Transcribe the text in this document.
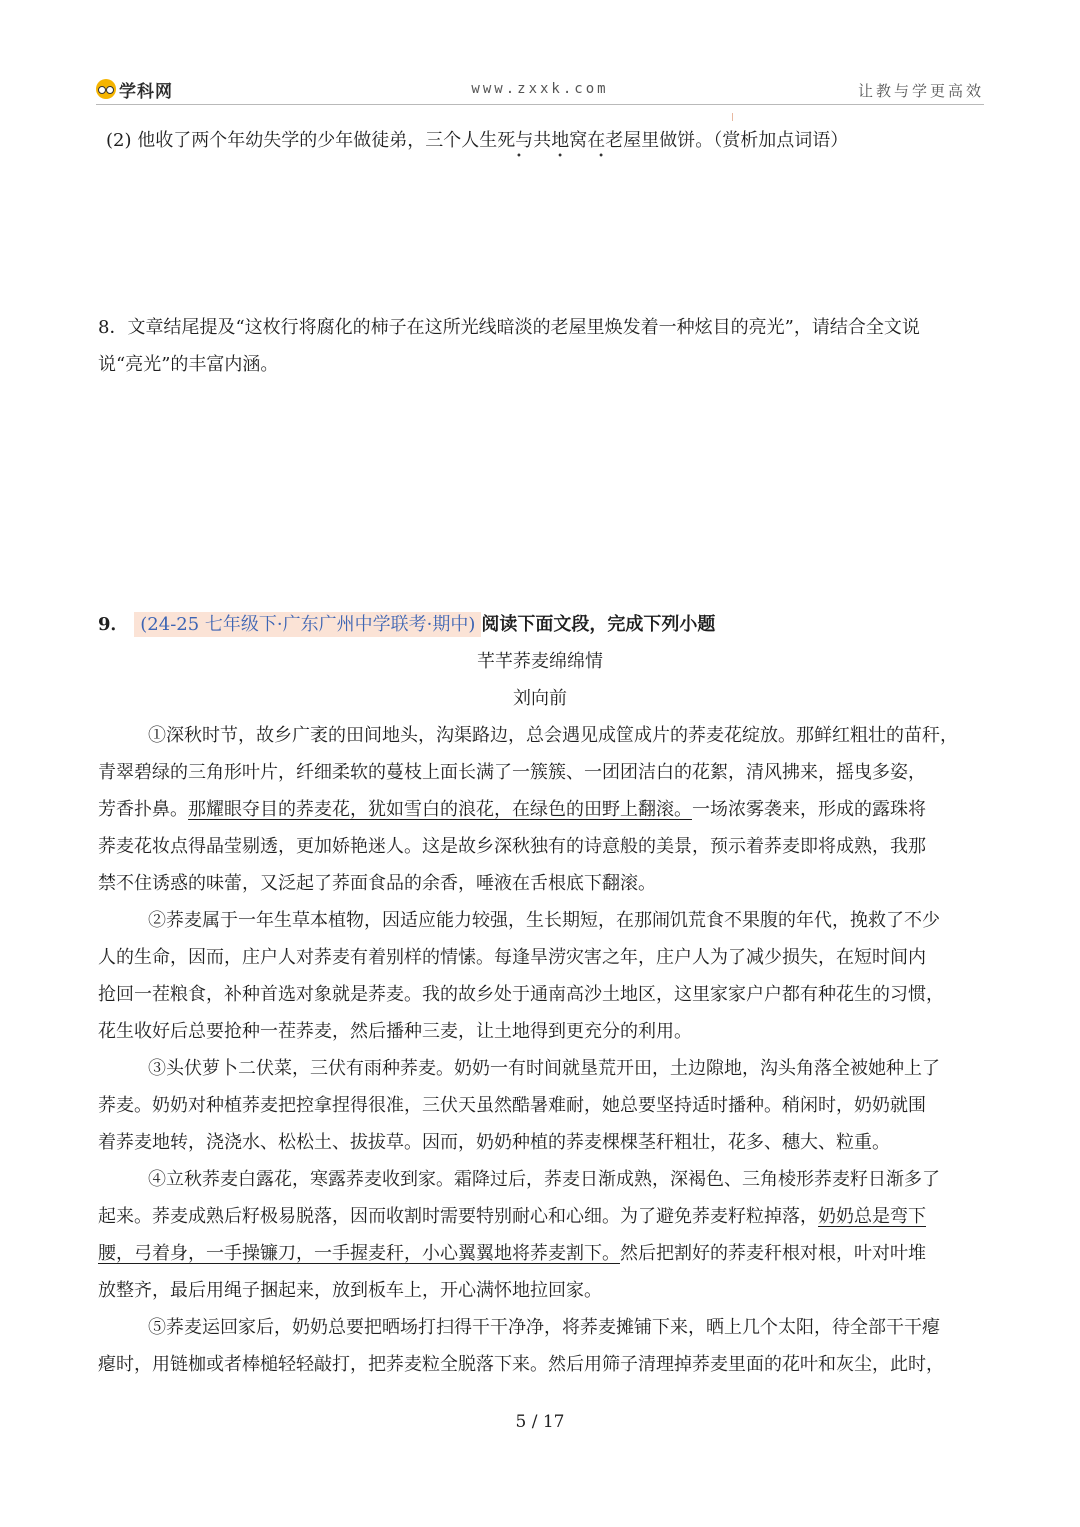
学科网	www.zxxk.com	让教与学更高效
(2) 他收了两个年幼失学的少年做徒弟，三个人生死与共地窝在老屋里做饼。（赏析加点词语）
• • •
8．文章结尾提及“这枚行将腐化的柿子在这所光线暗淡的老屋里焕发着一种炫目的亮光”，请结合全文说
说“亮光”的丰富内涵。
9． (24-25 七年级下·广东广州中学联考·期中) 阅读下面文段，完成下列小题
芊芊荞麦绵绵情
刘向前
①深秋时节，故乡广袤的田间地头，沟渠路边，总会遇见成筐成片的荞麦花绽放。那鲜红粗壮的苗秆，
青翠碧绿的三角形叶片，纤细柔软的蔓枝上面长满了一簇簇、一团团洁白的花絮，清风拂来，摇曳多姿，
芳香扑鼻。那耀眼夺目的荞麦花，犹如雪白的浪花，在绿色的田野上翻滚。一场浓雾袭来，形成的露珠将
荞麦花妆点得晶莹剔透，更加娇艳迷人。这是故乡深秋独有的诗意般的美景，预示着荞麦即将成熟，我那
禁不住诱惑的味蕾，又泛起了荞面食品的余香，唾液在舌根底下翻滚。
②荞麦属于一年生草本植物，因适应能力较强，生长期短，在那闹饥荒食不果腹的年代，挽救了不少
人的生命，因而，庄户人对荞麦有着别样的情愫。每逢旱涝灾害之年，庄户人为了减少损失，在短时间内
抢回一茬粮食，补种首选对象就是荞麦。我的故乡处于通南高沙土地区，这里家家户户都有种花生的习惯，
花生收好后总要抢种一茬荞麦，然后播种三麦，让土地得到更充分的利用。
③头伏萝卜二伏菜，三伏有雨种荞麦。奶奶一有时间就垦荒开田，土边隙地，沟头角落全被她种上了
荞麦。奶奶对种植荞麦把控拿捏得很准，三伏天虽然酷暑难耐，她总要坚持适时播种。稍闲时，奶奶就围
着荞麦地转，浇浇水、松松土、拔拔草。因而，奶奶种植的荞麦棵棵茎秆粗壮，花多、穗大、粒重。
④立秋荞麦白露花，寒露荞麦收到家。霜降过后，荞麦日渐成熟，深褐色、三角棱形荞麦籽日渐多了
起来。荞麦成熟后籽极易脱落，因而收割时需要特别耐心和心细。为了避免荞麦籽粒掉落，奶奶总是弯下
腰，弓着身，一手操镰刀，一手握麦秆，小心翼翼地将荞麦割下。然后把割好的荞麦秆根对根，叶对叶堆
放整齐，最后用绳子捆起来，放到板车上，开心满怀地拉回家。
⑤荞麦运回家后，奶奶总要把晒场打扫得干干净净，将荞麦摊铺下来，晒上几个太阳，待全部干干瘪
瘪时，用链枷或者棒槌轻轻敲打，把荞麦粒全脱落下来。然后用筛子清理掉荞麦里面的花叶和灰尘，此时，
5 / 17
